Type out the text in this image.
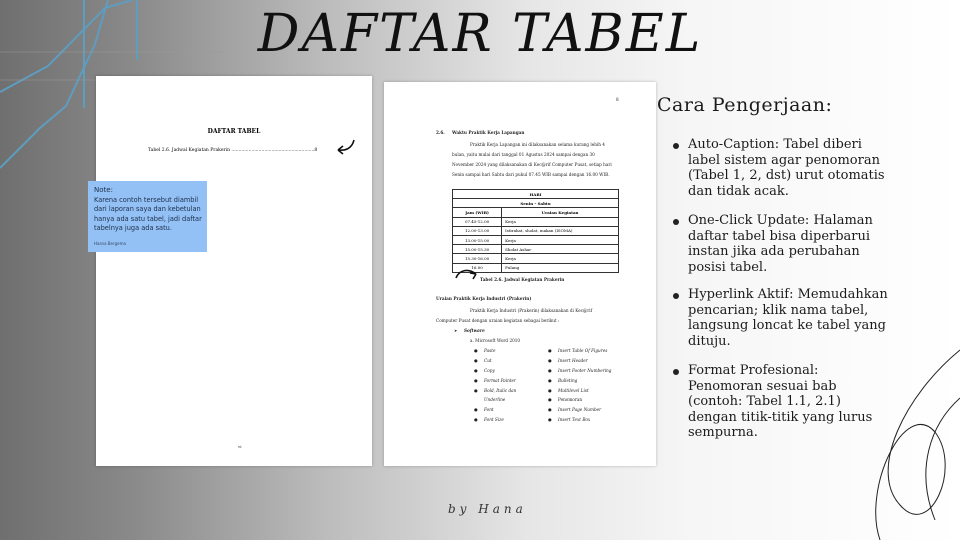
DAFTAR TABEL
DAFTAR TABEL
Tabel 2.6. Jadwal Kegiatan Prakerin ..........................................................8
vi
Note:
Karena contoh tersebut diambil dari laporan saya dan kebetulan hanya ada satu tabel, jadi daftar tabelnya juga ada satu.
Hasna Bergema
8
2.6. Waktu Praktik Kerja Lapangan
Praktik Kerja Lapangan ini dilaksanakan selama kurang lebih 4
bulan, yaitu mulai dari tanggal 01 Agustus 2024 sampai dengan 30
November 2024 yang dilaksanakan di Kec@rif Computer Pusat, setiap hari
Senin sampai hari Sabtu dari pukul 07.45 WIB sampai dengan 16.00 WIB.
HARI	
Senin - Sabtu	
Jam (WIB)	Uraian Kegiatan
07.45-12.00	Kerja
12.00-13.00	Istirahat, sholat, makan (ISOMA)
13.00-15.00	Kerja
15.00-15.30	Sholat Ashar
15.30-16.00	Kerja
16.00	Pulang
Tabel 2.6. Jadwal Kegiatan Prakerin
Uraian Praktik Kerja Industri (Prakerin)
Praktik Kerja Industri (Prakerin) dilaksanakan di Kec@rif
Computer Pusat dengan uraian kegiatan sebagai berikut :
➤ Software
a. Microsoft Word 2010
● Paste
● Cut
● Copy
● Format Painter
● Bold, Italic dan
Underline
● Font
● Font Size
● Insert Table Of Figures
● Insert Header
● Insert Footer Numbering
● Bulleting
● Multilevel List
● Penomoran
● Insert Page Number
● Insert Text Box
Cara Pengerjaan:
Auto-Caption: Tabel diberi label sistem agar penomoran (Tabel 1, 2, dst) urut otomatis dan tidak acak.
One-Click Update: Halaman daftar tabel bisa diperbarui instan jika ada perubahan posisi tabel.
Hyperlink Aktif: Memudahkan pencarian; klik nama tabel, langsung loncat ke tabel yang dituju.
Format Profesional: Penomoran sesuai bab (contoh: Tabel 1.1, 2.1) dengan titik-titik yang lurus sempurna.
by Hana
